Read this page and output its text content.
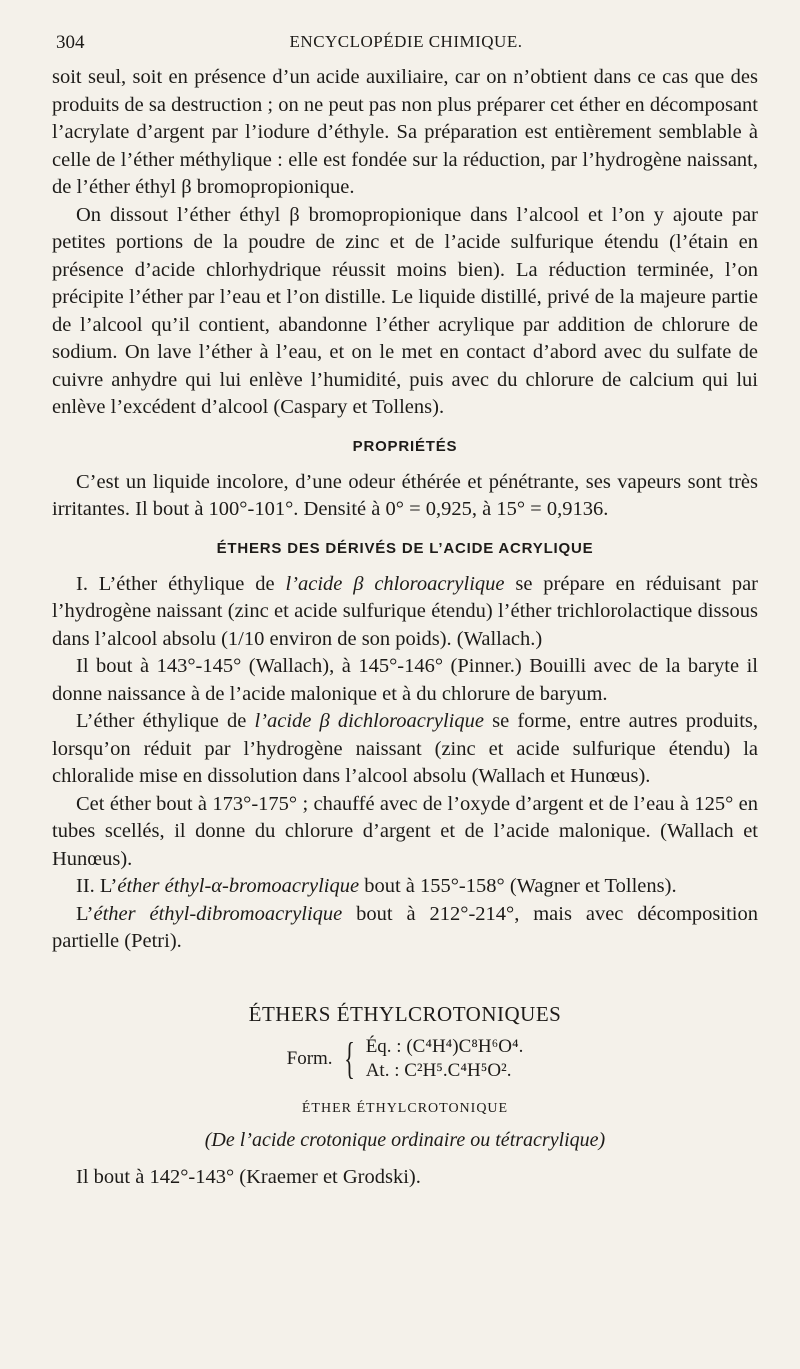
304	ENCYCLOPÉDIE CHIMIQUE.

soit seul, soit en présence d’un acide auxiliaire, car on n’obtient dans ce cas que des produits de sa destruction ; on ne peut pas non plus préparer cet éther en décomposant l’acrylate d’argent par l’iodure d’éthyle. Sa préparation est entièrement semblable à celle de l’éther méthylique : elle est fondée sur la réduction, par l’hydrogène naissant, de l’éther éthyl β bromopropionique.

On dissout l’éther éthyl β bromopropionique dans l’alcool et l’on y ajoute par petites portions de la poudre de zinc et de l’acide sulfurique étendu (l’étain en présence d’acide chlorhydrique réussit moins bien). La réduction terminée, l’on précipite l’éther par l’eau et l’on distille. Le liquide distillé, privé de la majeure partie de l’alcool qu’il contient, abandonne l’éther acrylique par addition de chlorure de sodium. On lave l’éther à l’eau, et on le met en contact d’abord avec du sulfate de cuivre anhydre qui lui enlève l’humidité, puis avec du chlorure de calcium qui lui enlève l’excédent d’alcool (Caspary et Tollens).

PROPRIÉTÉS

C’est un liquide incolore, d’une odeur éthérée et pénétrante, ses vapeurs sont très irritantes. Il bout à 100°-101°. Densité à 0° = 0,925, à 15° = 0,9136.

ÉTHERS DES DÉRIVÉS DE L’ACIDE ACRYLIQUE

I. L’éther éthylique de l’acide β chloroacrylique se prépare en réduisant par l’hydrogène naissant (zinc et acide sulfurique étendu) l’éther trichlorolactique dissous dans l’alcool absolu (1/10 environ de son poids). (Wallach.)

Il bout à 143°-145° (Wallach), à 145°-146° (Pinner.) Bouilli avec de la baryte il donne naissance à de l’acide malonique et à du chlorure de baryum.

L’éther éthylique de l’acide β dichloroacrylique se forme, entre autres produits, lorsqu’on réduit par l’hydrogène naissant (zinc et acide sulfurique étendu) la chloralide mise en dissolution dans l’alcool absolu (Wallach et Hunœus).

Cet éther bout à 173°-175° ; chauffé avec de l’oxyde d’argent et de l’eau à 125° en tubes scellés, il donne du chlorure d’argent et de l’acide malonique. (Wallach et Hunœus).

II. L’éther éthyl-α-bromoacrylique bout à 155°-158° (Wagner et Tollens).

L’éther éthyl-dibromoacrylique bout à 212°-214°, mais avec décomposition partielle (Petri).

ÉTHERS ÉTHYLCROTONIQUES
Form. { Éq. : (C⁴H⁴)C⁸H⁶O⁴.
At. : C²H⁵.C⁴H⁵O².
ÉTHER ÉTHYLCROTONIQUE
(De l’acide crotonique ordinaire ou tétracrylique)

Il bout à 142°-143° (Kraemer et Grodski).
